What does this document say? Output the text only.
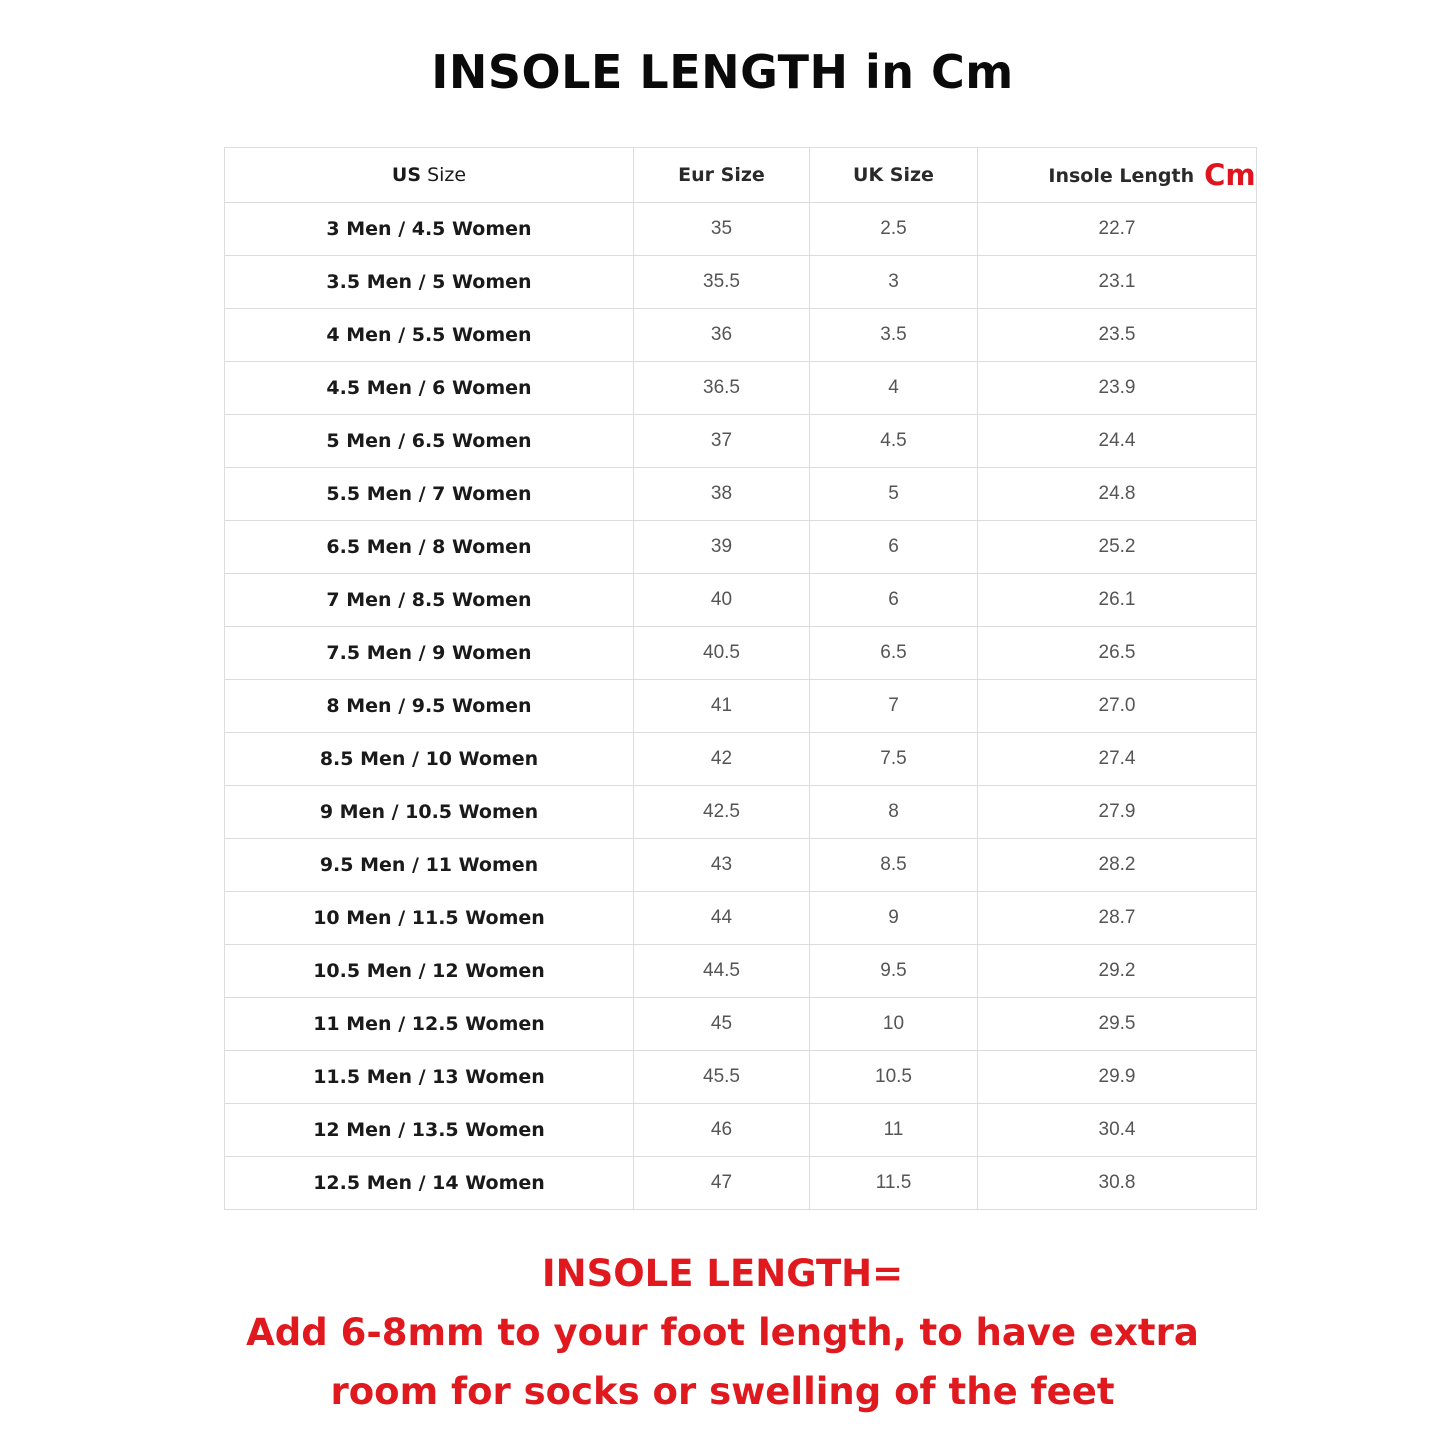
INSOLE LENGTH in Cm
US Size	Eur Size	UK Size	Insole Length Cm
3 Men / 4.5 Women	35	2.5	22.7
3.5 Men / 5 Women	35.5	3	23.1
4 Men / 5.5 Women	36	3.5	23.5
4.5 Men / 6 Women	36.5	4	23.9
5 Men / 6.5 Women	37	4.5	24.4
5.5 Men / 7 Women	38	5	24.8
6.5 Men / 8 Women	39	6	25.2
7 Men / 8.5 Women	40	6	26.1
7.5 Men / 9 Women	40.5	6.5	26.5
8 Men / 9.5 Women	41	7	27.0
8.5 Men / 10 Women	42	7.5	27.4
9 Men / 10.5 Women	42.5	8	27.9
9.5 Men / 11 Women	43	8.5	28.2
10 Men / 11.5 Women	44	9	28.7
10.5 Men / 12 Women	44.5	9.5	29.2
11 Men / 12.5 Women	45	10	29.5
11.5 Men / 13 Women	45.5	10.5	29.9
12 Men / 13.5 Women	46	11	30.4
12.5 Men / 14 Women	47	11.5	30.8
INSOLE LENGTH=
Add 6-8mm to your foot length, to have extra
room for socks or swelling of the feet
